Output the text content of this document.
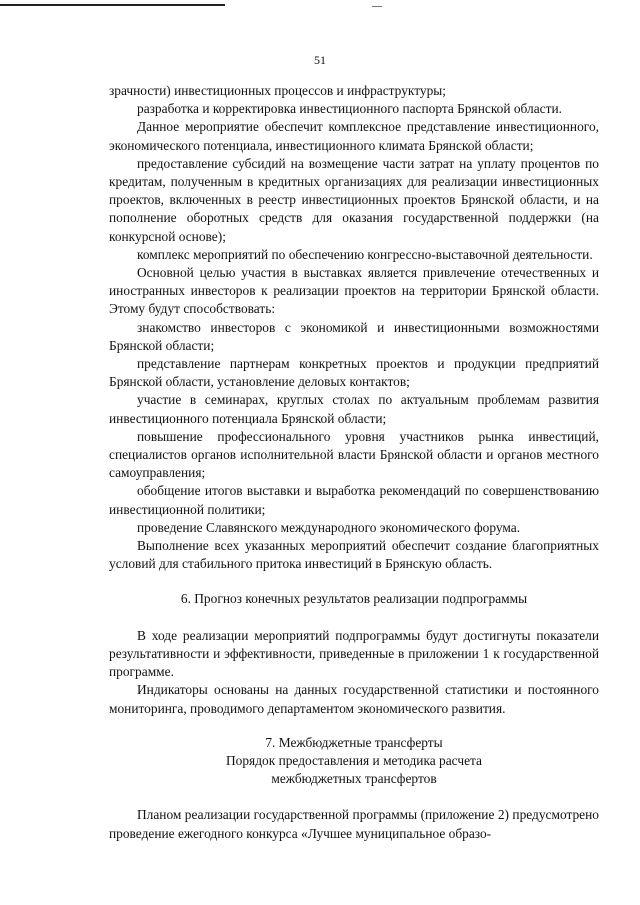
51

зрачности) инвестиционных процессов и инфраструктуры;

разработка и корректировка инвестиционного паспорта Брянской области.

Данное мероприятие обеспечит комплексное представление инвестиционного, экономического потенциала, инвестиционного климата Брянской области;

предоставление субсидий на возмещение части затрат на уплату процентов по кредитам, полученным в кредитных организациях для реализации инвестиционных проектов, включенных в реестр инвестиционных проектов Брянской области, и на пополнение оборотных средств для оказания государственной поддержки (на конкурсной основе);

комплекс мероприятий по обеспечению конгрессно-выставочной деятельности.

Основной целью участия в выставках является привлечение отечественных и иностранных инвесторов к реализации проектов на территории Брянской области. Этому будут способствовать:

знакомство инвесторов с экономикой и инвестиционными возможностями Брянской области;

представление партнерам конкретных проектов и продукции предприятий Брянской области, установление деловых контактов;

участие в семинарах, круглых столах по актуальным проблемам развития инвестиционного потенциала Брянской области;

повышение профессионального уровня участников рынка инвестиций, специалистов органов исполнительной власти Брянской области и органов местного самоуправления;

обобщение итогов выставки и выработка рекомендаций по совершенствованию инвестиционной политики;

проведение Славянского международного экономического форума.

Выполнение всех указанных мероприятий обеспечит создание благоприятных условий для стабильного притока инвестиций в Брянскую область.

6. Прогноз конечных результатов реализации подпрограммы

В ходе реализации мероприятий подпрограммы будут достигнуты показатели результативности и эффективности, приведенные в приложении 1 к государственной программе.

Индикаторы основаны на данных государственной статистики и постоянного мониторинга, проводимого департаментом экономического развития.

7. Межбюджетные трансферты

Порядок предоставления и методика расчета

межбюджетных трансфертов

Планом реализации государственной программы (приложение 2) предусмотрено проведение ежегодного конкурса «Лучшее муниципальное образо-
